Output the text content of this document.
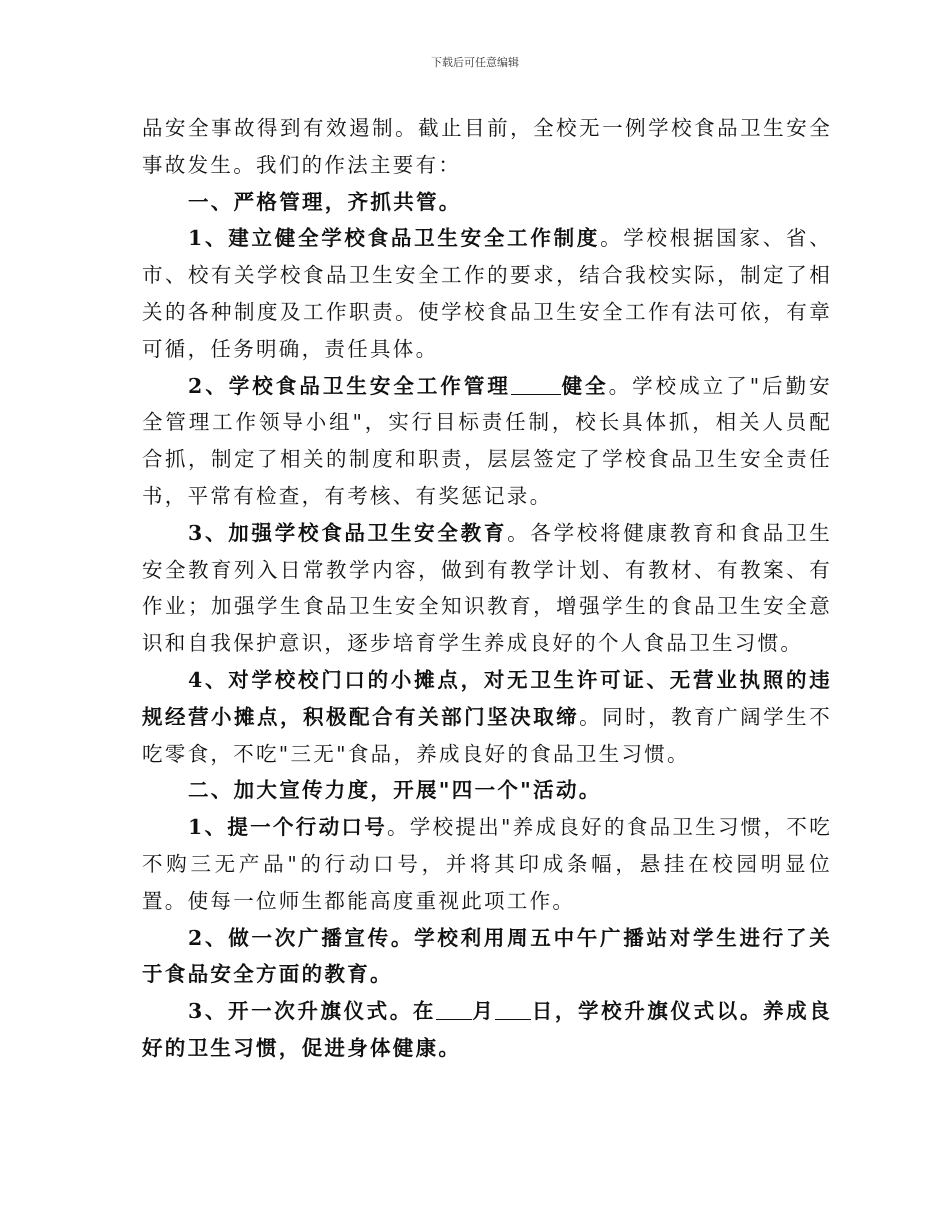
下载后可任意编辑

品安全事故得到有效遏制。截止目前，全校无一例学校食品卫生安全事故发生。我们的作法主要有：

一、严格管理，齐抓共管。

1、建立健全学校食品卫生安全工作制度。学校根据国家、省、市、校有关学校食品卫生安全工作的要求，结合我校实际，制定了相关的各种制度及工作职责。使学校食品卫生安全工作有法可依，有章可循，任务明确，责任具体。

2、学校食品卫生安全工作管理 健全。学校成立了"后勤安全管理工作领导小组"，实行目标责任制，校长具体抓，相关人员配合抓，制定了相关的制度和职责，层层签定了学校食品卫生安全责任书，平常有检查，有考核、有奖惩记录。

3、加强学校食品卫生安全教育。各学校将健康教育和食品卫生安全教育列入日常教学内容，做到有教学计划、有教材、有教案、有作业；加强学生食品卫生安全知识教育，增强学生的食品卫生安全意识和自我保护意识，逐步培育学生养成良好的个人食品卫生习惯。

4、对学校校门口的小摊点，对无卫生许可证、无营业执照的违规经营小摊点，积极配合有关部门坚决取缔。同时，教育广阔学生不吃零食，不吃"三无"食品，养成良好的食品卫生习惯。

二、加大宣传力度，开展"四一个"活动。

1、提一个行动口号。学校提出"养成良好的食品卫生习惯，不吃不购三无产品"的行动口号，并将其印成条幅，悬挂在校园明显位置。使每一位师生都能高度重视此项工作。

2、做一次广播宣传。学校利用周五中午广播站对学生进行了关于食品安全方面的教育。

3、开一次升旗仪式。在 月 日，学校升旗仪式以。养成良好的卫生习惯，促进身体健康。
